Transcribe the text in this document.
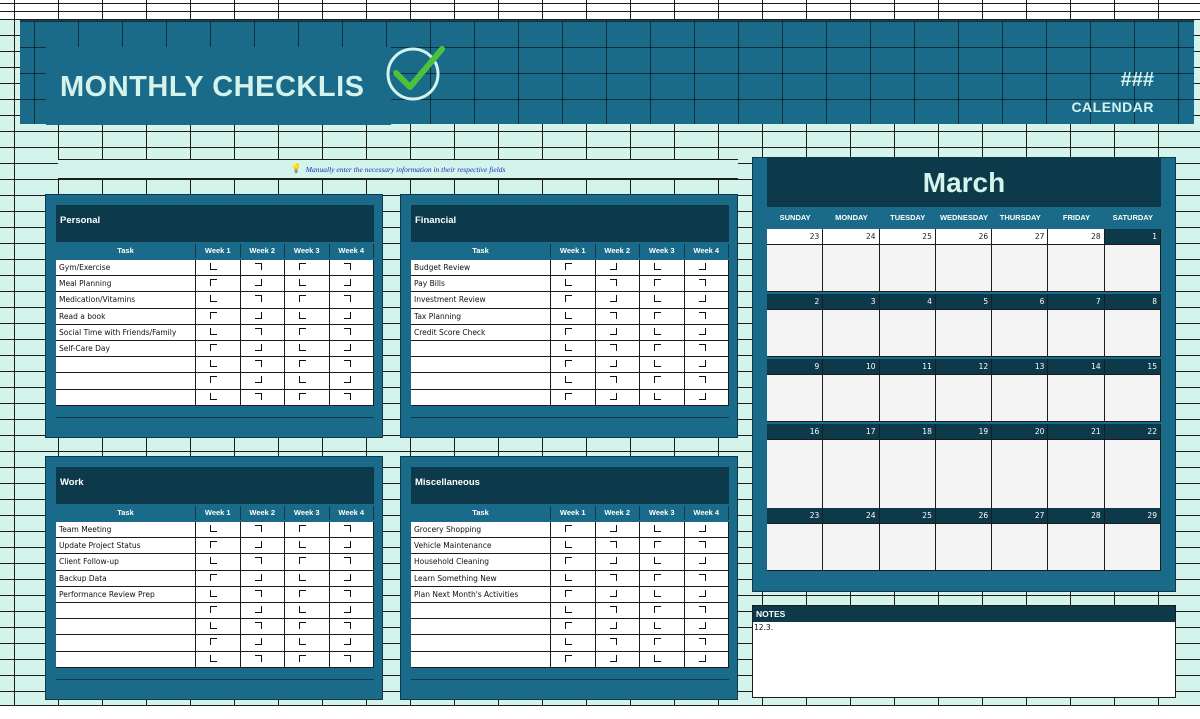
MONTHLY CHECKLIS	###
CALENDAR
💡 Manually enter the necessary information in their respective fields
Personal
Task	Week 1	Week 2	Week 3	Week 4
Gym/Exercise
Meal Planning
Medication/Vitamins
Read a book
Social Time with Friends/Family
Self-Care Day
Financial
Task	Week 1	Week 2	Week 3	Week 4
Budget Review
Pay Bills
Investment Review
Tax Planning
Credit Score Check
Work
Task	Week 1	Week 2	Week 3	Week 4
Team Meeting
Update Project Status
Client Follow-up
Backup Data
Performance Review Prep
Miscellaneous
Task	Week 1	Week 2	Week 3	Week 4
Grocery Shopping
Vehicle Maintenance
Household Cleaning
Learn Something New
Plan Next Month's Activities
March
SUNDAY	MONDAY	TUESDAY	WEDNESDAY	THURSDAY	FRIDAY	SATURDAY
23	24	25	26	27	28	1
2	3	4	5	6	7	8
9	10	11	12	13	14	15
16	17	18	19	20	21	22
23	24	25	26	27	28	29
NOTES
12.3.
